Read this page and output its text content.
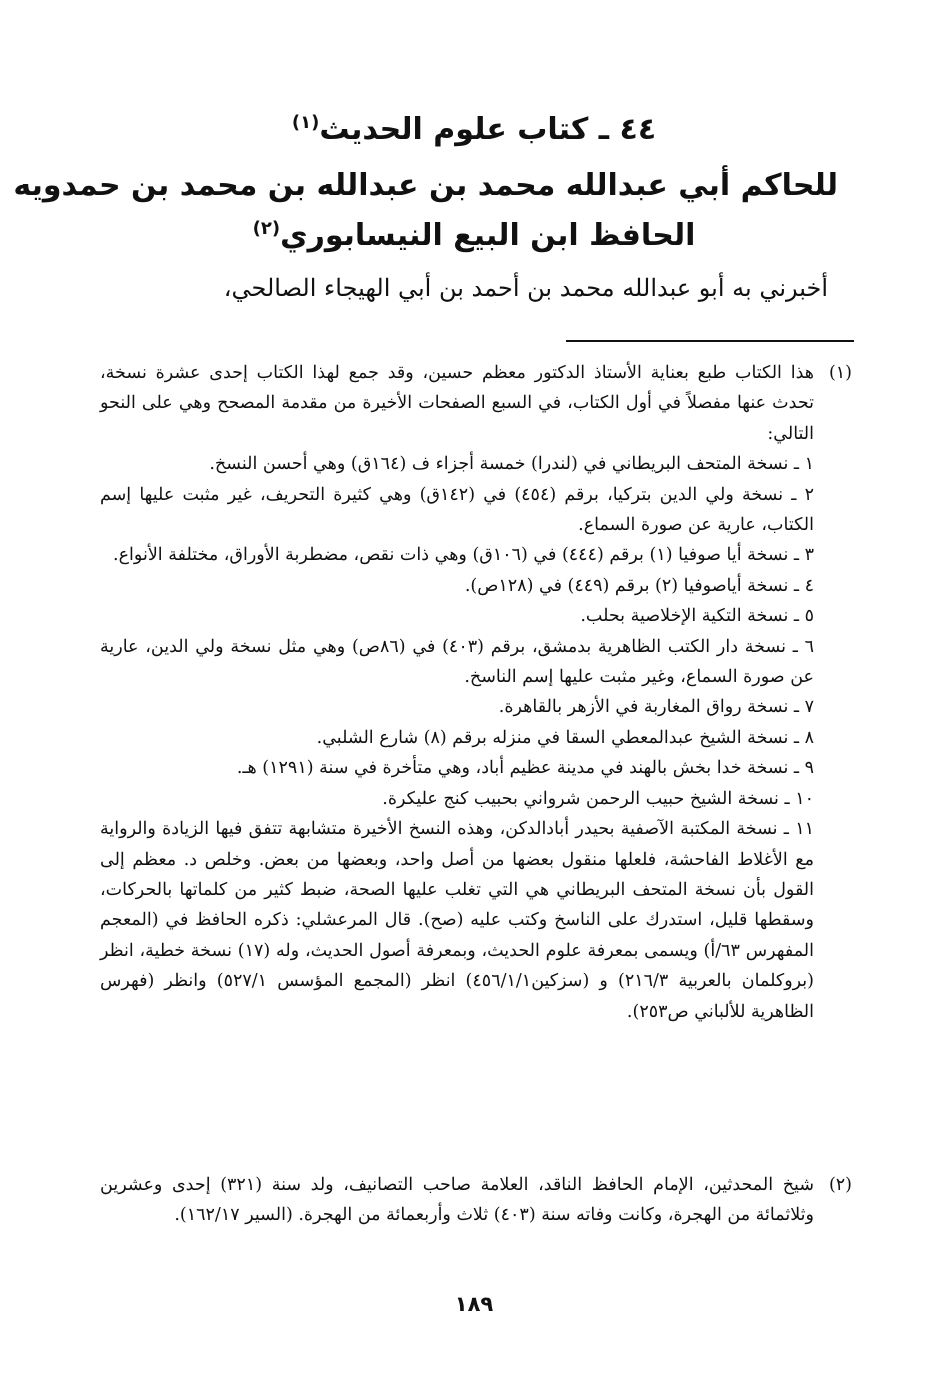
٤٤ ـ كتاب علوم الحديث$^{(١)}$
للحاكم أبي عبدالله محمد بن عبدالله بن محمد بن حمدويه
الحافظ ابن البيع النيسابوري$^{(٢)}$
أخبرني به أبو عبدالله محمد بن أحمد بن أبي الهيجاء الصالحي،
(١)

هذا الكتاب طبع بعناية الأستاذ الدكتور معظم حسين، وقد جمع لهذا الكتاب إحدى عشرة نسخة، تحدث عنها مفصلاً في أول الكتاب، في السبع الصفحات الأخيرة من مقدمة المصحح وهي على النحو التالي:

١ ـ نسخة المتحف البريطاني في (لندرا) خمسة أجزاء ف (١٦٤ق) وهي أحسن النسخ.

٢ ـ نسخة ولي الدين بتركيا، برقم (٤٥٤) في (١٤٢ق) وهي كثيرة التحريف، غير مثبت عليها إسم الكتاب، عارية عن صورة السماع.

٣ ـ نسخة أيا صوفيا (١) برقم (٤٤٤) في (١٠٦ق) وهي ذات نقص، مضطربة الأوراق، مختلفة الأنواع.

٤ ـ نسخة أياصوفيا (٢) برقم (٤٤٩) في (١٢٨ص).

٥ ـ نسخة التكية الإخلاصية بحلب.

٦ ـ نسخة دار الكتب الظاهرية بدمشق، برقم (٤٠٣) في (٨٦ص) وهي مثل نسخة ولي الدين، عارية عن صورة السماع، وغير مثبت عليها إسم الناسخ.

٧ ـ نسخة رواق المغاربة في الأزهر بالقاهرة.

٨ ـ نسخة الشيخ عبدالمعطي السقا في منزله برقم (٨) شارع الشلبي.

٩ ـ نسخة خدا بخش بالهند في مدينة عظيم أباد، وهي متأخرة في سنة (١٢٩١) هـ.

١٠ ـ نسخة الشيخ حبيب الرحمن شرواني بحبيب كنج عليكرة.

١١ ـ نسخة المكتبة الآصفية بحيدر أبادالدكن، وهذه النسخ الأخيرة متشابهة تتفق فيها الزيادة والرواية مع الأغلاط الفاحشة، فلعلها منقول بعضها من أصل واحد، وبعضها من بعض. وخلص د. معظم إلى القول بأن نسخة المتحف البريطاني هي التي تغلب عليها الصحة، ضبط كثير من كلماتها بالحركات، وسقطها قليل، استدرك على الناسخ وكتب عليه (صح). قال المرعشلي: ذكره الحافظ في (المعجم المفهرس ٦٣/أ) ويسمى بمعرفة علوم الحديث، وبمعرفة أصول الحديث، وله (١٧) نسخة خطية، انظر (بروكلمان بالعربية ٢١٦/٣) و (سزكين٤٥٦/١/١) انظر (المجمع المؤسس ٥٢٧/١) وانظر (فهرس الظاهرية للألباني ص٢٥٣).

(٢)

شيخ المحدثين، الإمام الحافظ الناقد، العلامة صاحب التصانيف، ولد سنة (٣٢١) إحدى وعشرين وثلاثمائة من الهجرة، وكانت وفاته سنة (٤٠٣) ثلاث وأربعمائة من الهجرة. (السير ١٦٢/١٧).

١٨٩
